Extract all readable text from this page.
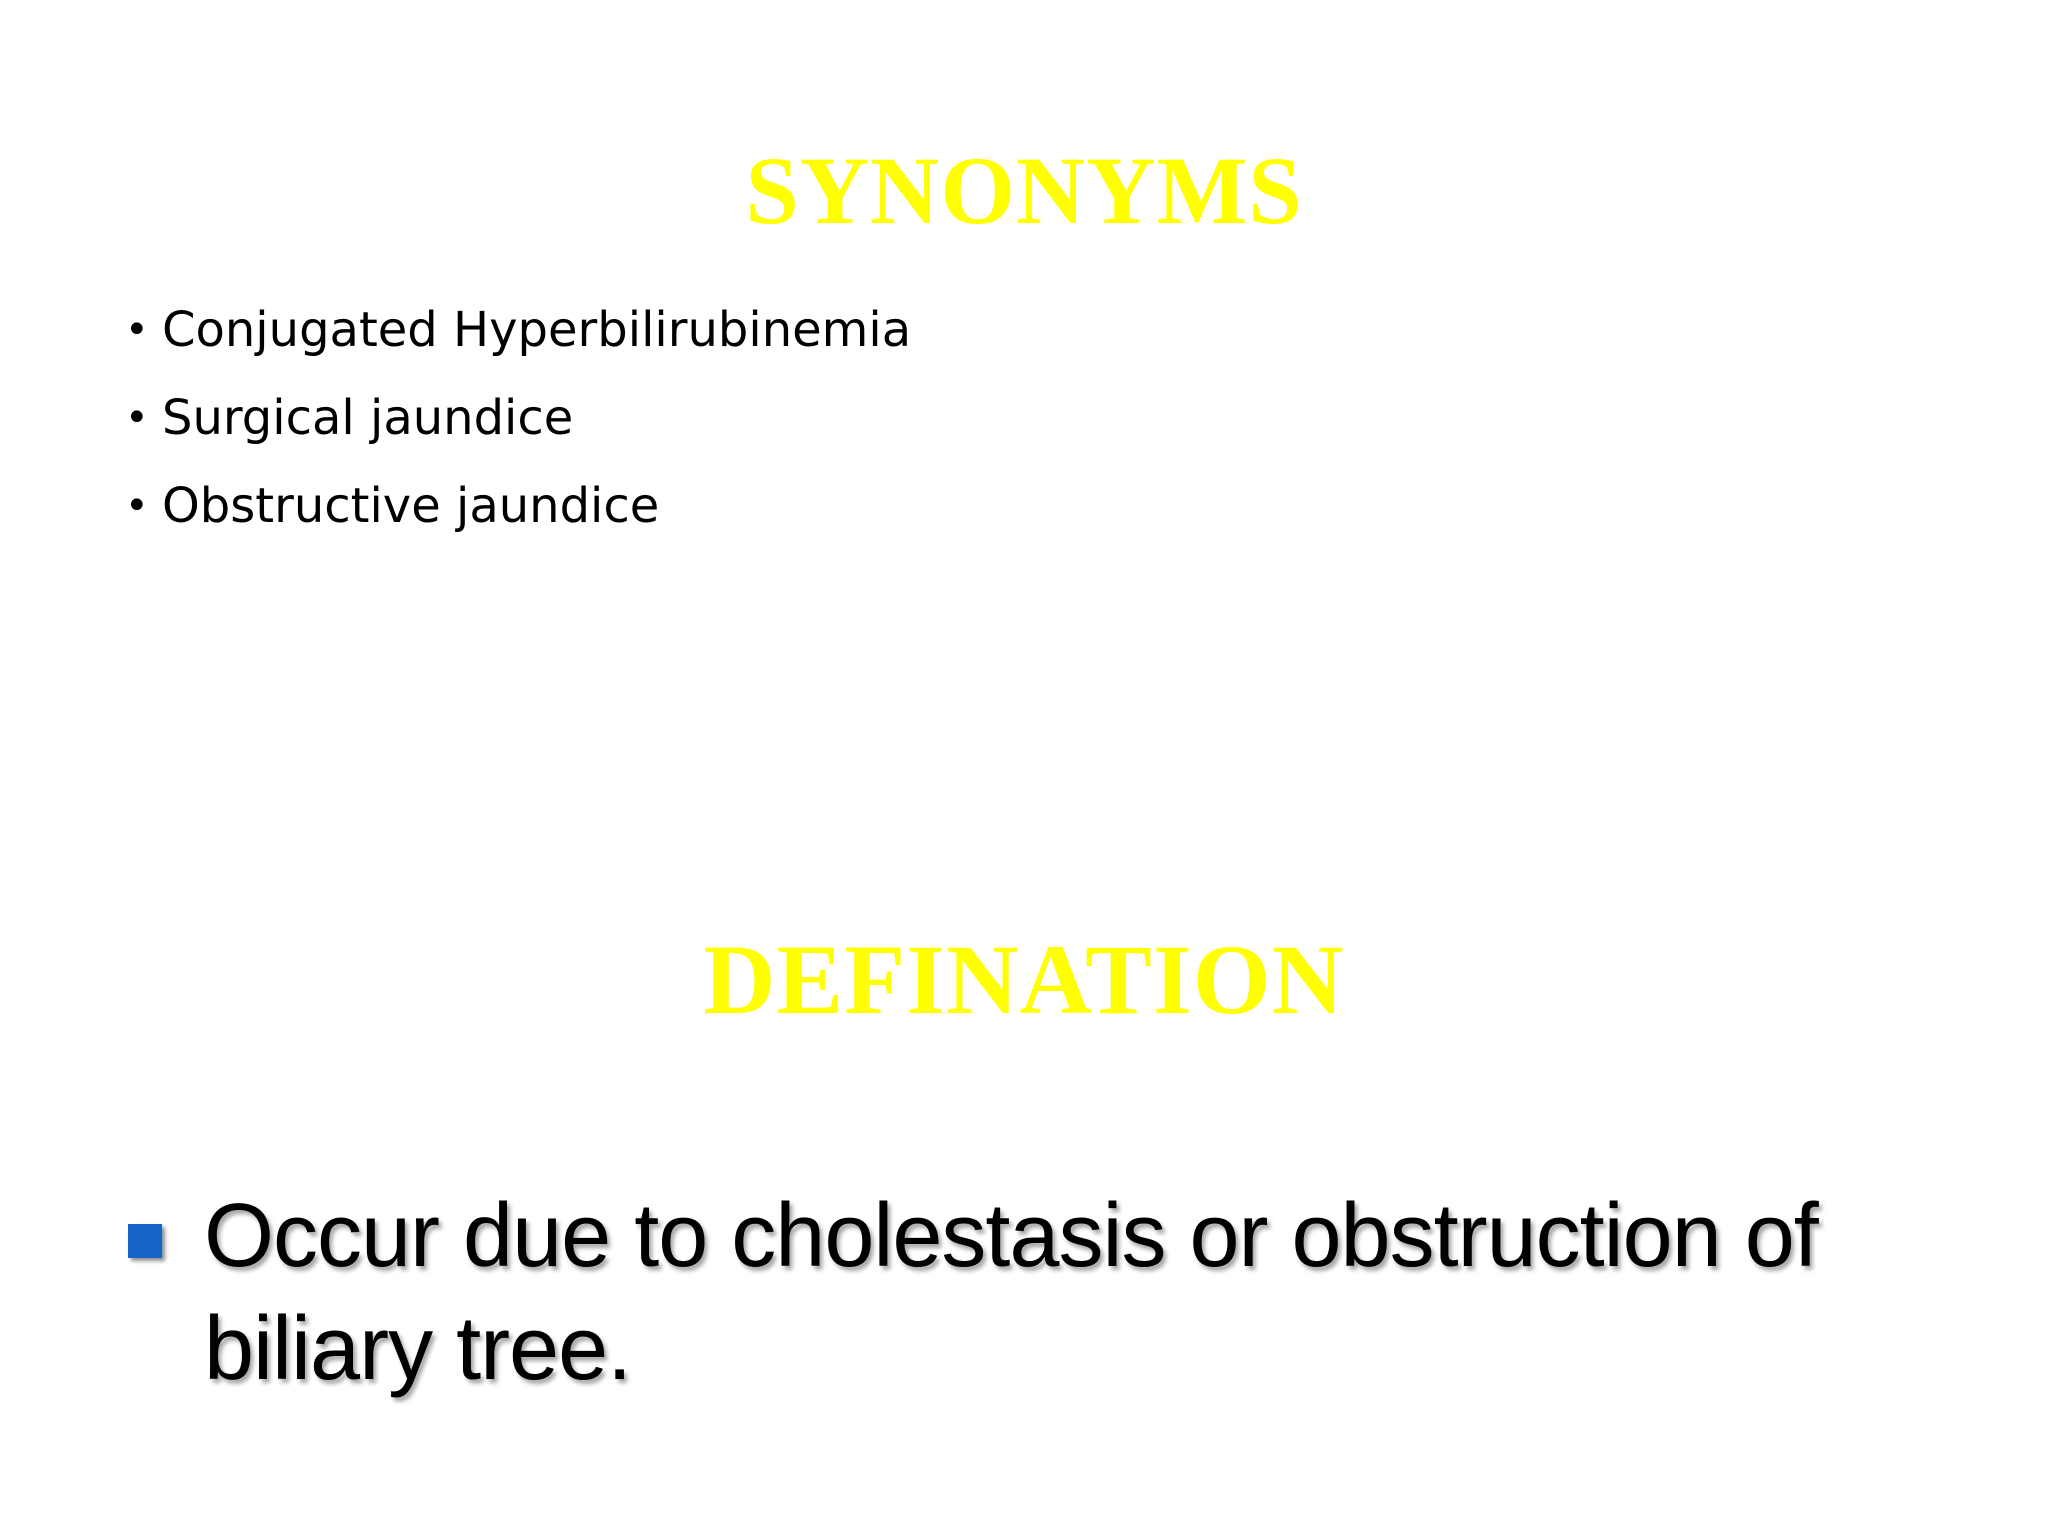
SYNONYMS
• Conjugated Hyperbilirubinemia
• Surgical jaundice
• Obstructive jaundice
DEFINATION

Occur due to cholestasis or obstruction of biliary tree.
